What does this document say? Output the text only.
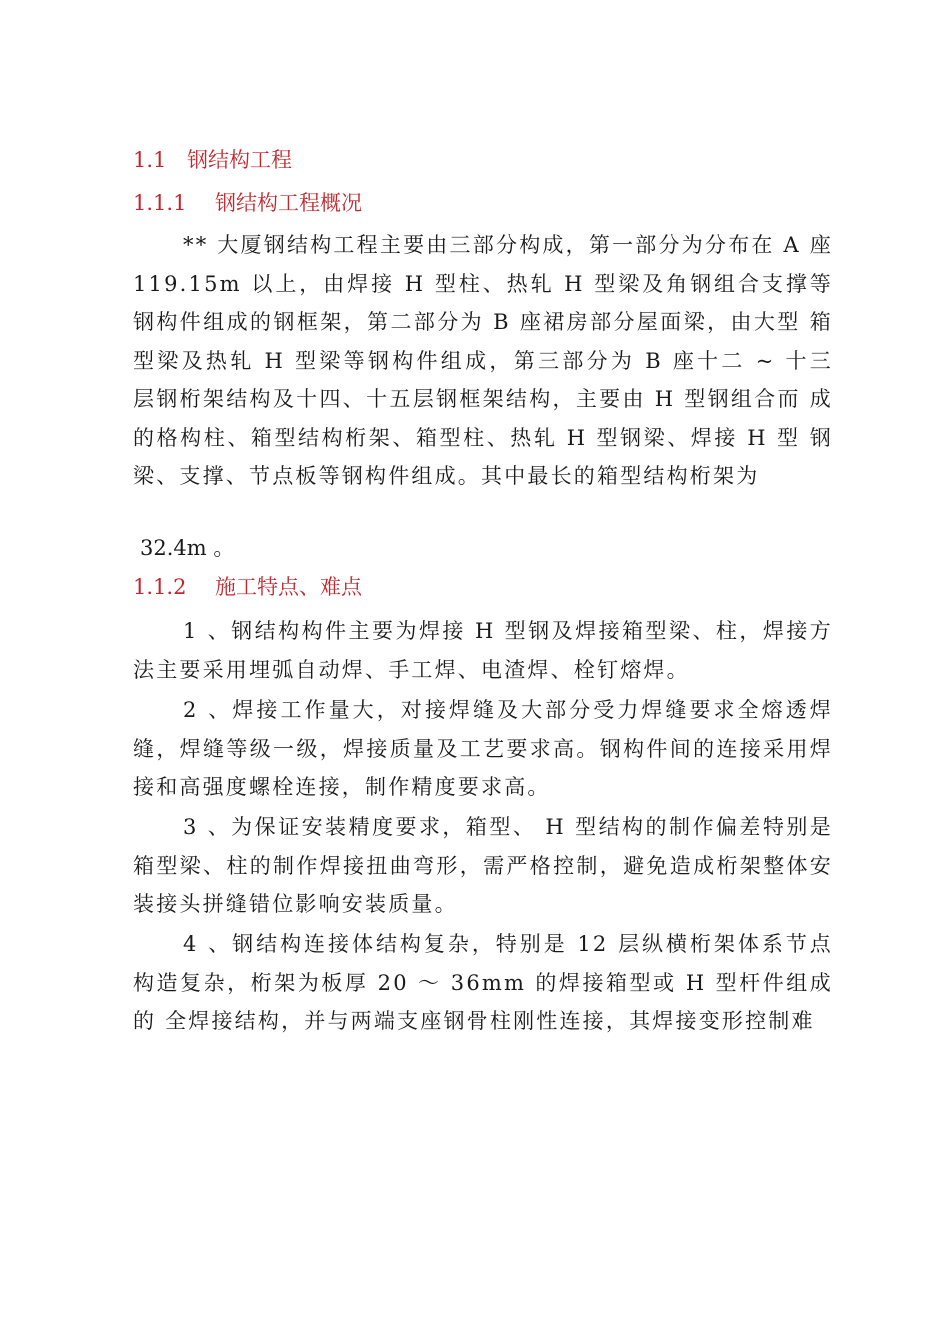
1.1 钢结构工程
1.1.1 钢结构工程概况

** 大厦钢结构工程主要由三部分构成，第一部分为分布在 A 座 119.15m 以上，由焊接 H 型柱、热轧 H 型梁及角钢组合支撑等 钢构件组成的钢框架，第二部分为 B 座裙房部分屋面梁，由大型 箱型梁及热轧 H 型梁等钢构件组成，第三部分为 B 座十二 ~ 十三 层钢桁架结构及十四、十五层钢框架结构，主要由 H 型钢组合而 成的格构柱、箱型结构桁架、箱型柱、热轧 H 型钢梁、焊接 H 型 钢梁、支撑、节点板等钢构件组成。其中最长的箱型结构桁架为

32.4m 。
1.1.2 施工特点、难点

1 、钢结构构件主要为焊接 H 型钢及焊接箱型梁、柱，焊接方法主要采用埋弧自动焊、手工焊、电渣焊、栓钉熔焊。

2 、焊接工作量大，对接焊缝及大部分受力焊缝要求全熔透焊缝，焊缝等级一级，焊接质量及工艺要求高。钢构件间的连接采用焊接和高强度螺栓连接，制作精度要求高。

3 、为保证安装精度要求，箱型、 H 型结构的制作偏差特别是箱型梁、柱的制作焊接扭曲弯形，需严格控制，避免造成桁架整体安装接头拼缝错位影响安装质量。

4 、钢结构连接体结构复杂，特别是 12 层纵横桁架体系节点构造复杂，桁架为板厚 20 ～ 36mm 的焊接箱型或 H 型杆件组成的 全焊接结构，并与两端支座钢骨柱刚性连接，其焊接变形控制难
